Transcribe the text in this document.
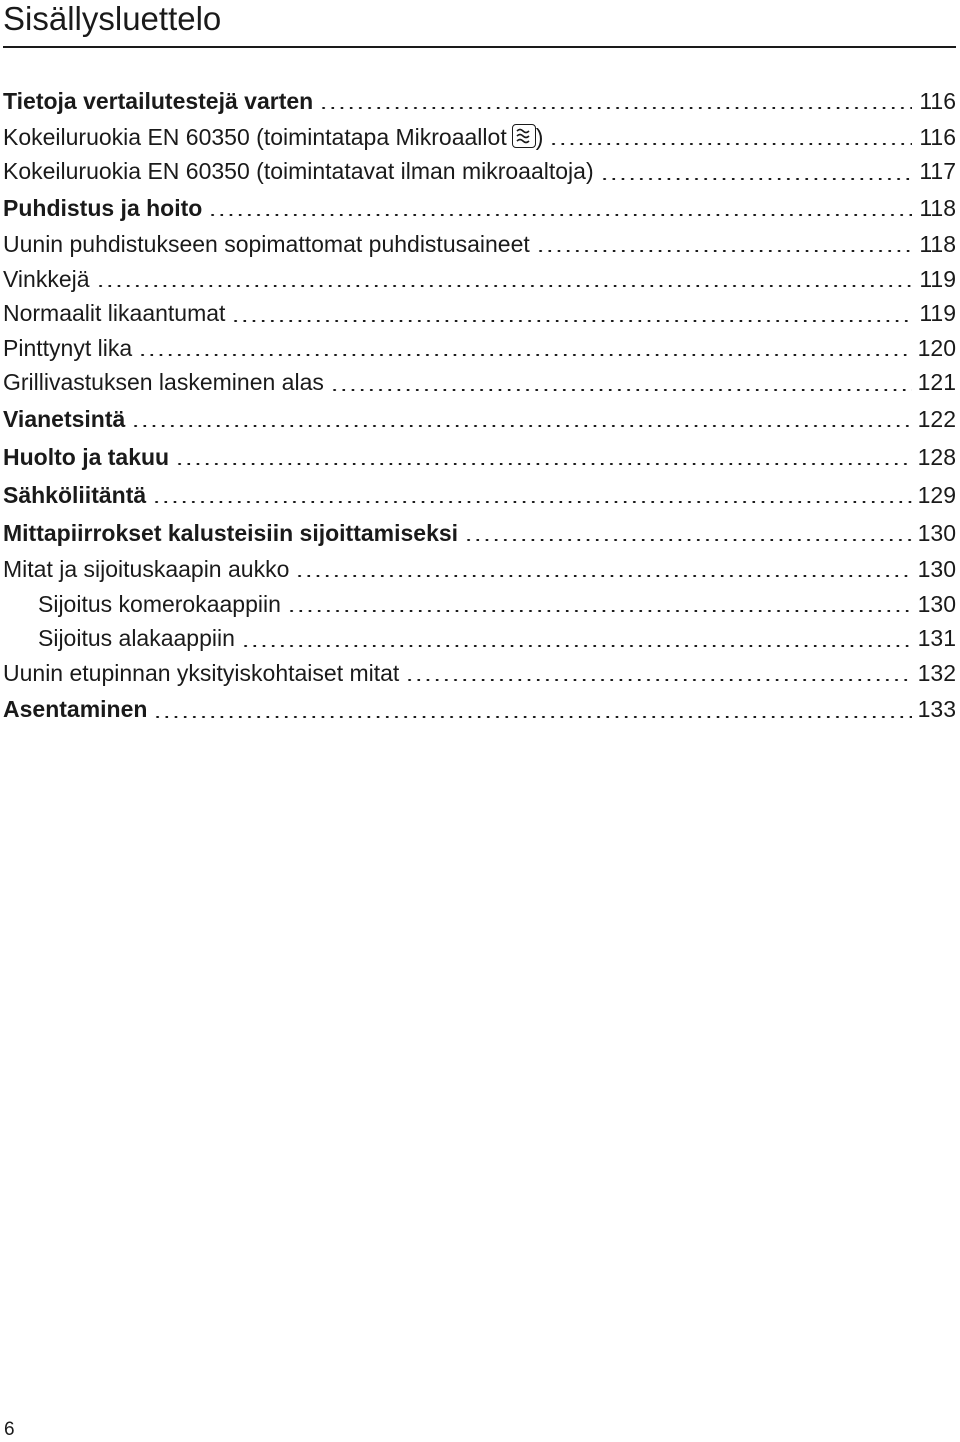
Sisällysluettelo
Tietoja vertailutestejä varten	116
Kokeiluruokia EN 60350 (toimintatapa Mikroaallot )	116
Kokeiluruokia EN 60350 (toimintatavat ilman mikroaaltoja)	117
Puhdistus ja hoito	118
Uunin puhdistukseen sopimattomat puhdistusaineet	118
Vinkkejä	119
Normaalit likaantumat	119
Pinttynyt lika	120
Grillivastuksen laskeminen alas	121
Vianetsintä	122
Huolto ja takuu	128
Sähköliitäntä	129
Mittapiirrokset kalusteisiin sijoittamiseksi	130
Mitat ja sijoituskaapin aukko	130
Sijoitus komerokaappiin	130
Sijoitus alakaappiin	131
Uunin etupinnan yksityiskohtaiset mitat	132
Asentaminen	133
6
